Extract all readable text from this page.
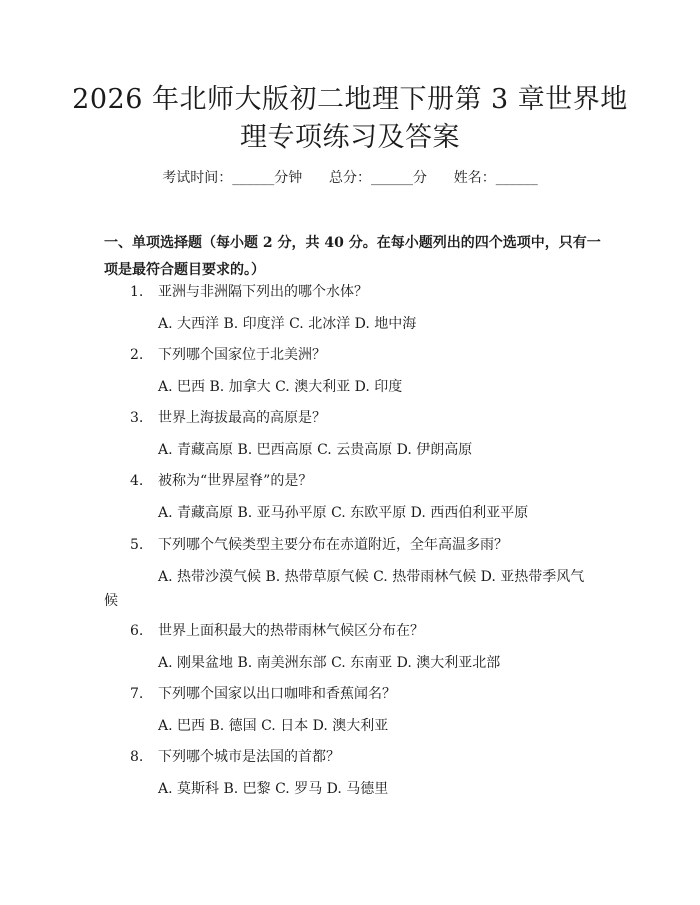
2026 年北师大版初二地理下册第 3 章世界地
理专项练习及答案
考试时间：______分钟      总分：______分      姓名：______

一、单项选择题（每小题 2 分，共 40 分。在每小题列出的四个选项中，只有一项是最符合题目要求的。）

1. 亚洲与非洲隔下列出的哪个水体？
A. 大西洋 B. 印度洋 C. 北冰洋 D. 地中海
2. 下列哪个国家位于北美洲？
A. 巴西 B. 加拿大 C. 澳大利亚 D. 印度
3. 世界上海拔最高的高原是？
A. 青藏高原 B. 巴西高原 C. 云贵高原 D. 伊朗高原
4. 被称为“世界屋脊”的是？
A. 青藏高原 B. 亚马孙平原 C. 东欧平原 D. 西西伯利亚平原
5. 下列哪个气候类型主要分布在赤道附近，全年高温多雨？
A. 热带沙漠气候 B. 热带草原气候 C. 热带雨林气候 D. 亚热带季风气
候
6. 世界上面积最大的热带雨林气候区分布在？
A. 刚果盆地 B. 南美洲东部 C. 东南亚 D. 澳大利亚北部
7. 下列哪个国家以出口咖啡和香蕉闻名？
A. 巴西 B. 德国 C. 日本 D. 澳大利亚
8. 下列哪个城市是法国的首都？
A. 莫斯科 B. 巴黎 C. 罗马 D. 马德里
